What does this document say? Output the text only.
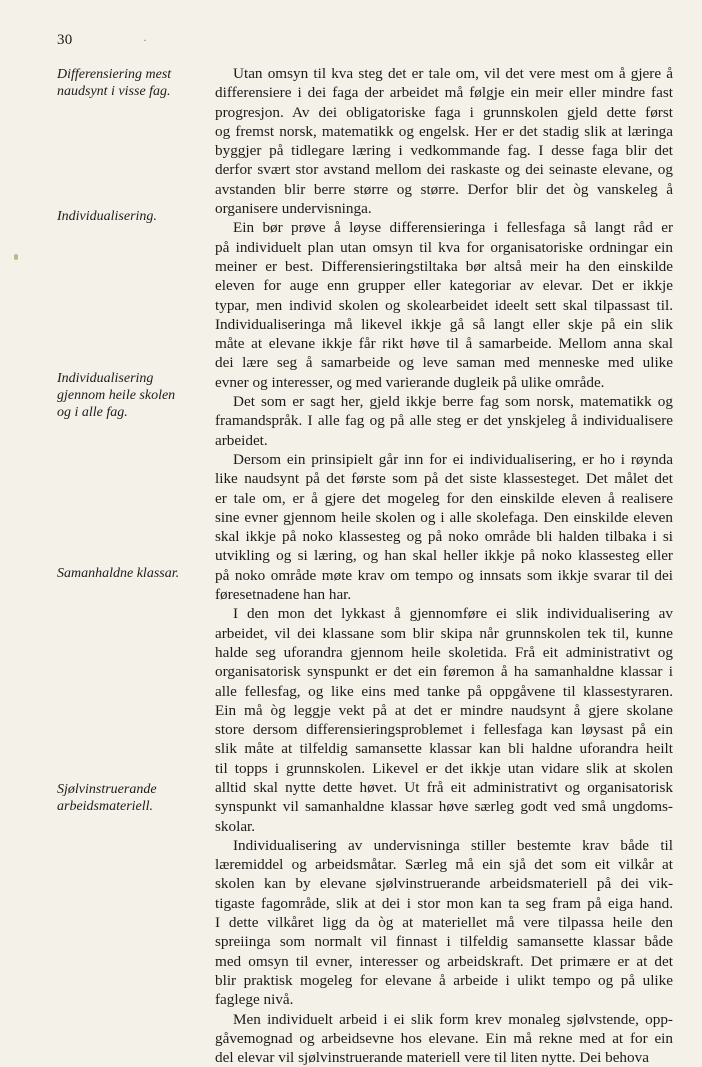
30	·
Differensiering mest
naudsynt i visse fag.
Individualisering.
Individualisering
gjennom heile skolen
og i alle fag.
Samanhaldne klassar.
Sjølvinstruerande
arbeidsmateriell.

Utan omsyn til kva steg det er tale om, vil det vere mest om å gjere å
differensiere i dei faga der arbeidet må følgje ein meir eller mindre fast
progresjon. Av dei obligatoriske faga i grunnskolen gjeld dette først
og fremst norsk, matematikk og engelsk. Her er det stadig slik at læringa
byggjer på tidlegare læring i vedkommande fag. I desse faga blir det
derfor svært stor avstand mellom dei raskaste og dei seinaste elevane, og
avstanden blir berre større og større. Derfor blir det òg vanskeleg å
organisere undervisninga.

Ein bør prøve å løyse differensieringa i fellesfaga så langt råd er
på individuelt plan utan omsyn til kva for organisatoriske ordningar ein
meiner er best. Differensieringstiltaka bør altså meir ha den einskilde
eleven for auge enn grupper eller kategoriar av elevar. Det er ikkje
typar, men individ skolen og skolearbeidet ideelt sett skal tilpassast til.
Individualiseringa må likevel ikkje gå så langt eller skje på ein slik
måte at elevane ikkje får rikt høve til å samarbeide. Mellom anna skal
dei lære seg å samarbeide og leve saman med menneske med ulike
evner og interesser, og med varierande dugleik på ulike område.

Det som er sagt her, gjeld ikkje berre fag som norsk, matematikk og
framandspråk. I alle fag og på alle steg er det ynskjeleg å individualisere
arbeidet.

Dersom ein prinsipielt går inn for ei individualisering, er ho i røynda
like naudsynt på det første som på det siste klassesteget. Det målet det
er tale om, er å gjere det mogeleg for den einskilde eleven å realisere
sine evner gjennom heile skolen og i alle skolefaga. Den einskilde eleven
skal ikkje på noko klassesteg og på noko område bli halden tilbaka i si
utvikling og si læring, og han skal heller ikkje på noko klassesteg eller
på noko område møte krav om tempo og innsats som ikkje svarar til dei
føresetnadene han har.

I den mon det lykkast å gjennomføre ei slik individualisering av
arbeidet, vil dei klassane som blir skipa når grunnskolen tek til, kunne
halde seg uforandra gjennom heile skoletida. Frå eit administrativt og
organisatorisk synspunkt er det ein føremon å ha samanhaldne klassar i
alle fellesfag, og like eins med tanke på oppgåvene til klassestyraren.
Ein må òg leggje vekt på at det er mindre naudsynt å gjere skolane
store dersom differensieringsproblemet i fellesfaga kan løysast på ein
slik måte at tilfeldig samansette klassar kan bli haldne uforandra heilt
til topps i grunnskolen. Likevel er det ikkje utan vidare slik at skolen
alltid skal nytte dette høvet. Ut frå eit administrativt og organisatorisk
synspunkt vil samanhaldne klassar høve særleg godt ved små ungdoms-
skolar.

Individualisering av undervisninga stiller bestemte krav både til
læremiddel og arbeidsmåtar. Særleg må ein sjå det som eit vilkår at
skolen kan by elevane sjølvinstruerande arbeidsmateriell på dei vik-
tigaste fagområde, slik at dei i stor mon kan ta seg fram på eiga hand.
I dette vilkåret ligg da òg at materiellet må vere tilpassa heile den
spreiinga som normalt vil finnast i tilfeldig samansette klassar både
med omsyn til evner, interesser og arbeidskraft. Det primære er at det
blir praktisk mogeleg for elevane å arbeide i ulikt tempo og på ulike
faglege nivå.

Men individuelt arbeid i ei slik form krev monaleg sjølvstende, opp-
gåvemognad og arbeidsevne hos elevane. Ein må rekne med at for ein
del elevar vil sjølvinstruerande materiell vere til liten nytte. Dei behova
